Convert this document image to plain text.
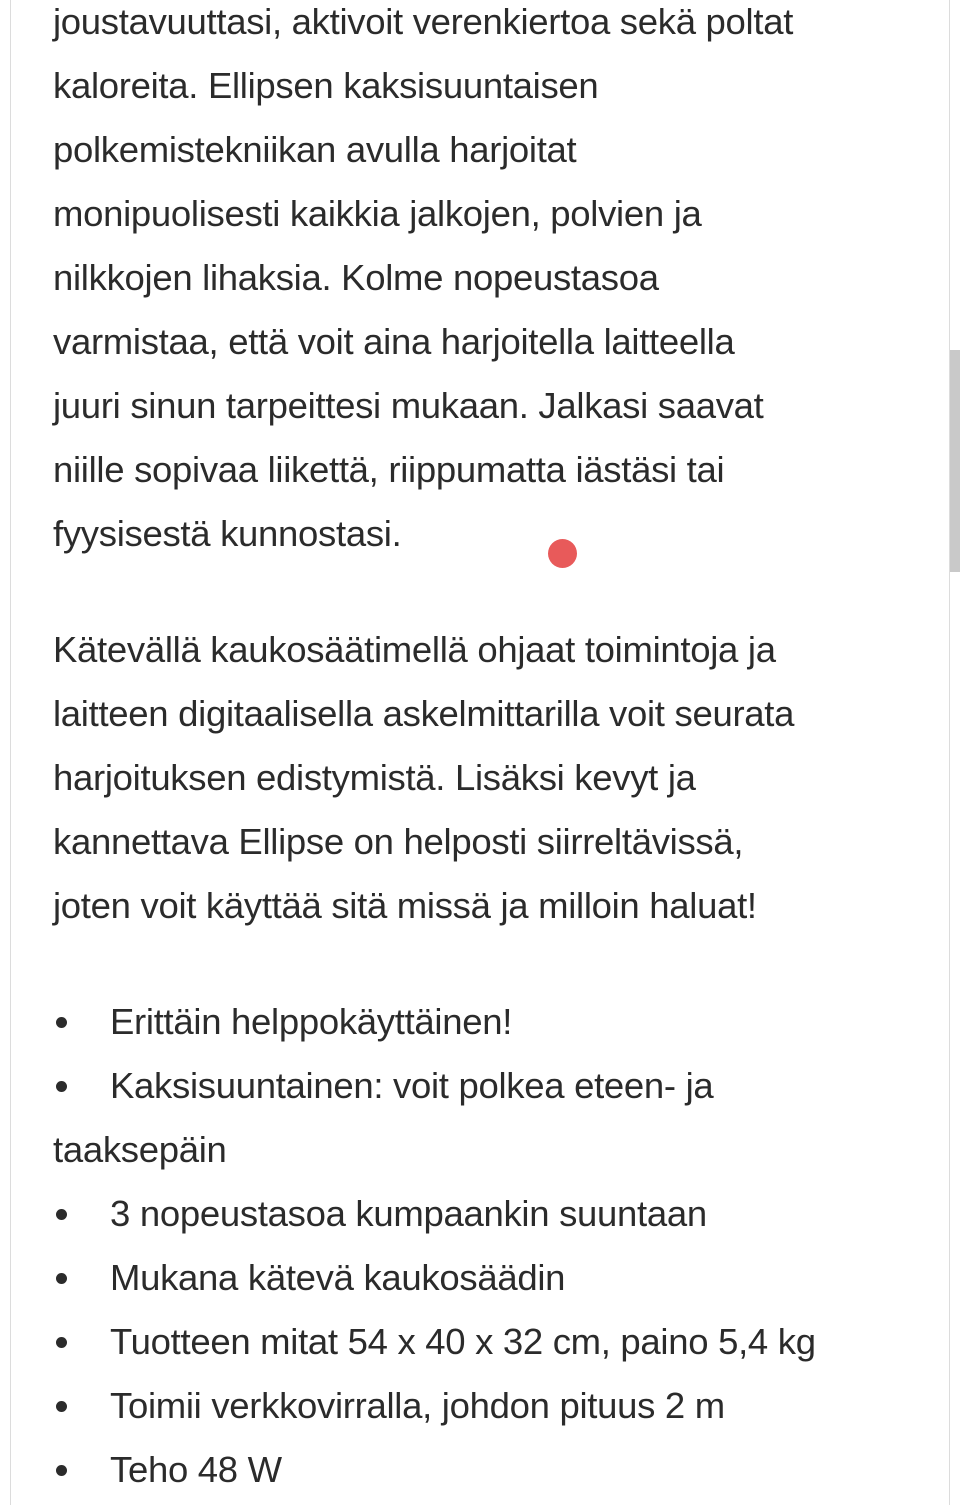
joustavuuttasi, aktivoit verenkiertoa sekä poltat
kaloreita. Ellipsen kaksisuuntaisen
polkemistekniikan avulla harjoitat
monipuolisesti kaikkia jalkojen, polvien ja
nilkkojen lihaksia. Kolme nopeustasoa
varmistaa, että voit aina harjoitella laitteella
juuri sinun tarpeittesi mukaan. Jalkasi saavat
niille sopivaa liikettä, riippumatta iästäsi tai
fyysisestä kunnostasi.
Kätevällä kaukosäätimellä ohjaat toimintoja ja
laitteen digitaalisella askelmittarilla voit seurata
harjoituksen edistymistä. Lisäksi kevyt ja
kannettava Ellipse on helposti siirreltävissä,
joten voit käyttää sitä missä ja milloin haluat!
Erittäin helppokäyttäinen!
Kaksisuuntainen: voit polkea eteen- ja
taaksepäin
3 nopeustasoa kumpaankin suuntaan
Mukana kätevä kaukosäädin
Tuotteen mitat 54 x 40 x 32 cm, paino 5,4 kg
Toimii verkkovirralla, johdon pituus 2 m
Teho 48 W
